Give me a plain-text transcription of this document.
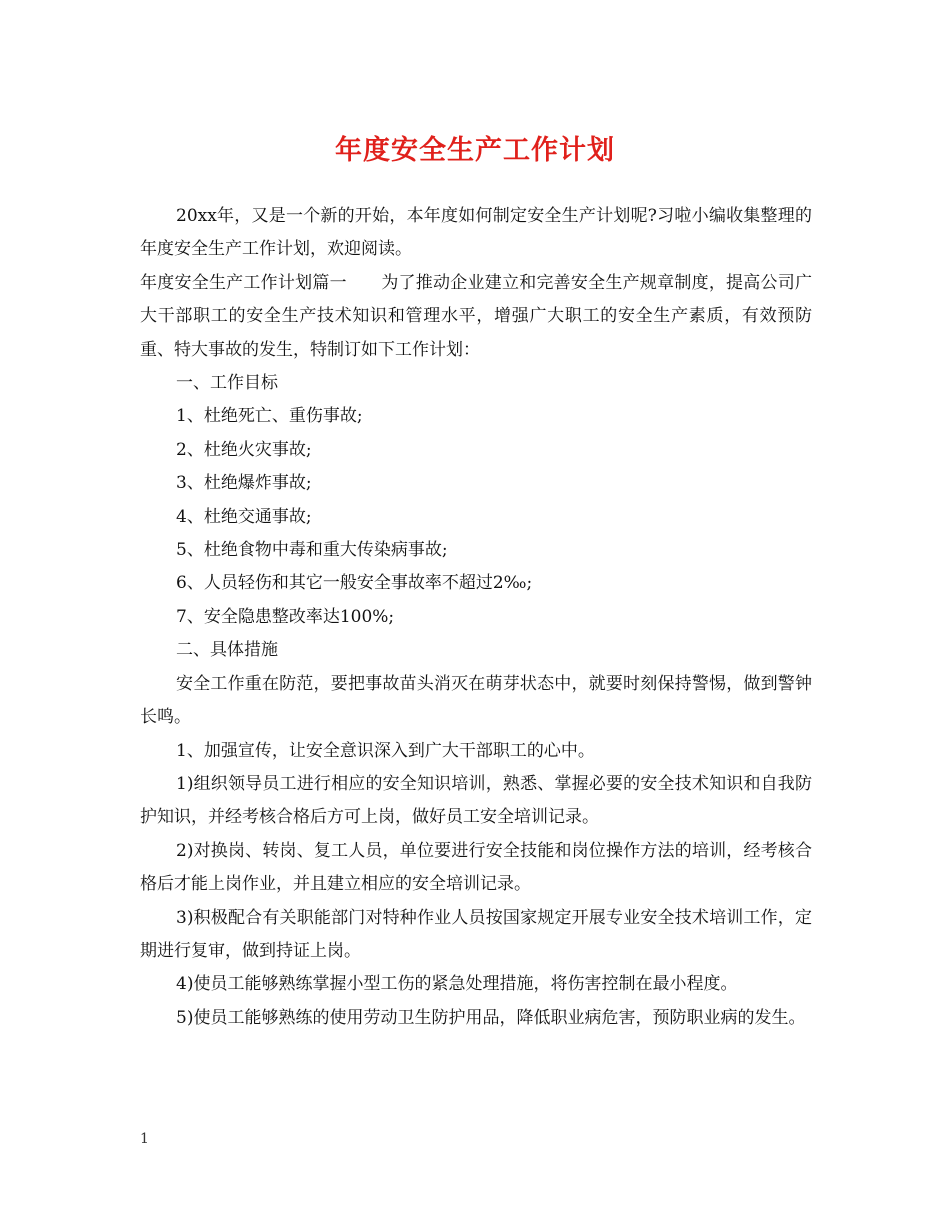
年度安全生产工作计划

20xx年，又是一个新的开始，本年度如何制定安全生产计划呢?习啦小编收集整理的年度安全生产工作计划，欢迎阅读。

年度安全生产工作计划篇一　　为了推动企业建立和完善安全生产规章制度，提高公司广大干部职工的安全生产技术知识和管理水平，增强广大职工的安全生产素质，有效预防重、特大事故的发生，特制订如下工作计划：

一、工作目标

1、杜绝死亡、重伤事故;

2、杜绝火灾事故;

3、杜绝爆炸事故;

4、杜绝交通事故;

5、杜绝食物中毒和重大传染病事故;

6、人员轻伤和其它一般安全事故率不超过2‰;

7、安全隐患整改率达100%;

二、具体措施

安全工作重在防范，要把事故苗头消灭在萌芽状态中，就要时刻保持警惕，做到警钟长鸣。

1、加强宣传，让安全意识深入到广大干部职工的心中。

1)组织领导员工进行相应的安全知识培训，熟悉、掌握必要的安全技术知识和自我防护知识，并经考核合格后方可上岗，做好员工安全培训记录。

2)对换岗、转岗、复工人员，单位要进行安全技能和岗位操作方法的培训，经考核合格后才能上岗作业，并且建立相应的安全培训记录。

3)积极配合有关职能部门对特种作业人员按国家规定开展专业安全技术培训工作，定期进行复审，做到持证上岗。

4)使员工能够熟练掌握小型工伤的紧急处理措施，将伤害控制在最小程度。

5)使员工能够熟练的使用劳动卫生防护用品，降低职业病危害，预防职业病的发生。

1
